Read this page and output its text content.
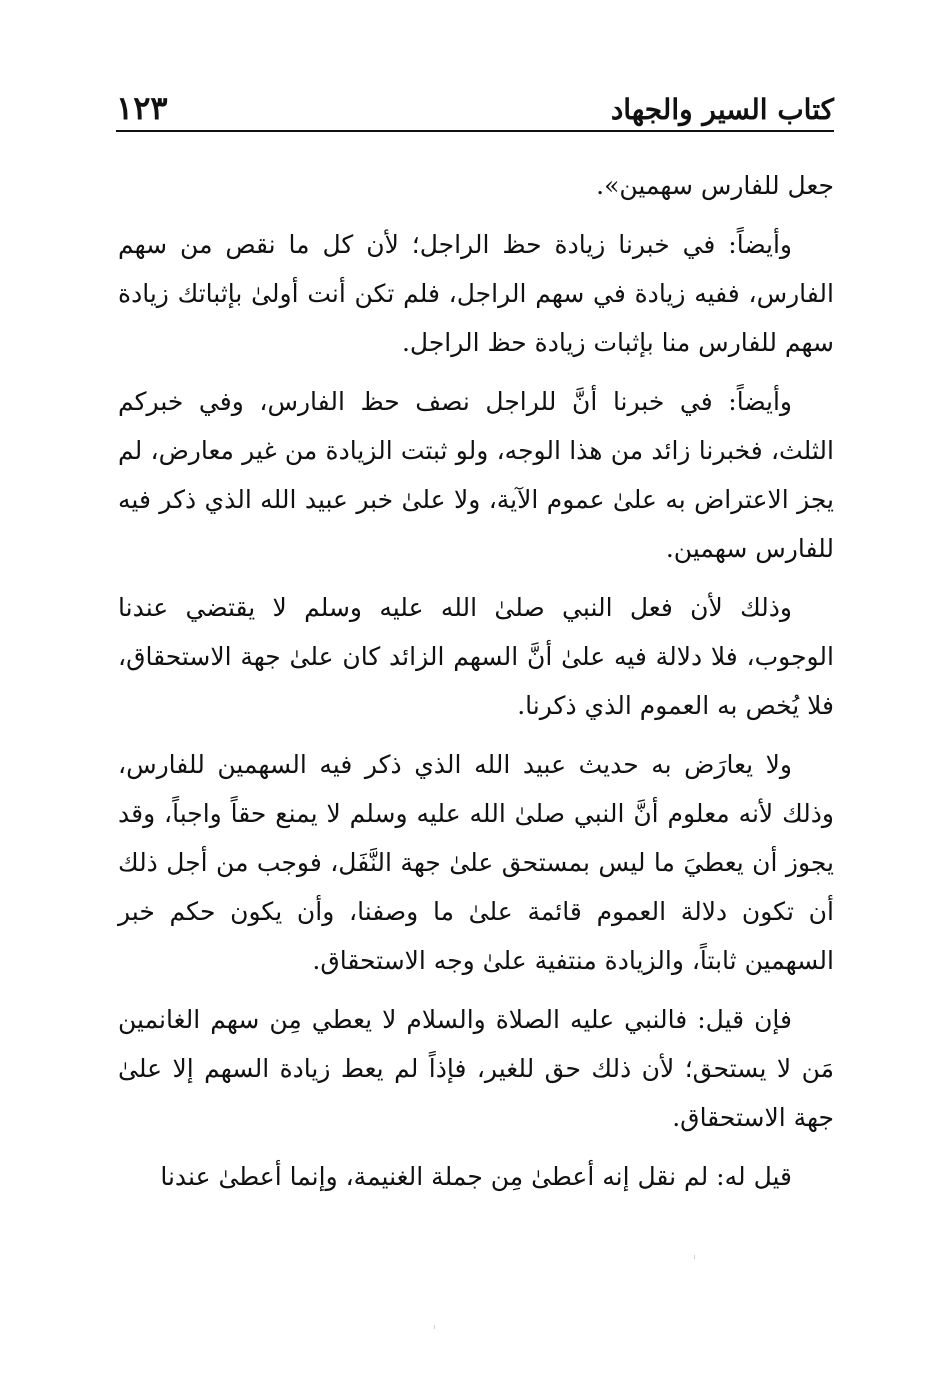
كتاب السير والجهاد
١٢٣

جعل للفارس سهمين».

وأيضاً: في خبرنا زيادة حظ الراجل؛ لأن كل ما نقص من سهم الفارس، ففيه زيادة في سهم الراجل، فلم تكن أنت أولىٰ بإثباتك زيادة سهم للفارس منا بإثبات زيادة حظ الراجل.

وأيضاً: في خبرنا أنَّ للراجل نصف حظ الفارس، وفي خبركم الثلث، فخبرنا زائد من هذا الوجه، ولو ثبتت الزيادة من غير معارض، لم يجز الاعتراض به علىٰ عموم الآية، ولا علىٰ خبر عبيد الله الذي ذكر فيه للفارس سهمين.

وذلك لأن فعل النبي صلىٰ الله عليه وسلم لا يقتضي عندنا الوجوب، فلا دلالة فيه علىٰ أنَّ السهم الزائد كان علىٰ جهة الاستحقاق، فلا يُخص به العموم الذي ذكرنا.

ولا يعارَض به حديث عبيد الله الذي ذكر فيه السهمين للفارس، وذلك لأنه معلوم أنَّ النبي صلىٰ الله عليه وسلم لا يمنع حقاً واجباً، وقد يجوز أن يعطيَ ما ليس بمستحق علىٰ جهة النَّفَل، فوجب من أجل ذلك أن تكون دلالة العموم قائمة علىٰ ما وصفنا، وأن يكون حكم خبر السهمين ثابتاً، والزيادة منتفية علىٰ وجه الاستحقاق.

فإن قيل: فالنبي عليه الصلاة والسلام لا يعطي مِن سهم الغانمين مَن لا يستحق؛ لأن ذلك حق للغير، فإذاً لم يعط زيادة السهم إلا علىٰ جهة الاستحقاق.

قيل له: لم نقل إنه أعطىٰ مِن جملة الغنيمة، وإنما أعطىٰ عندنا
